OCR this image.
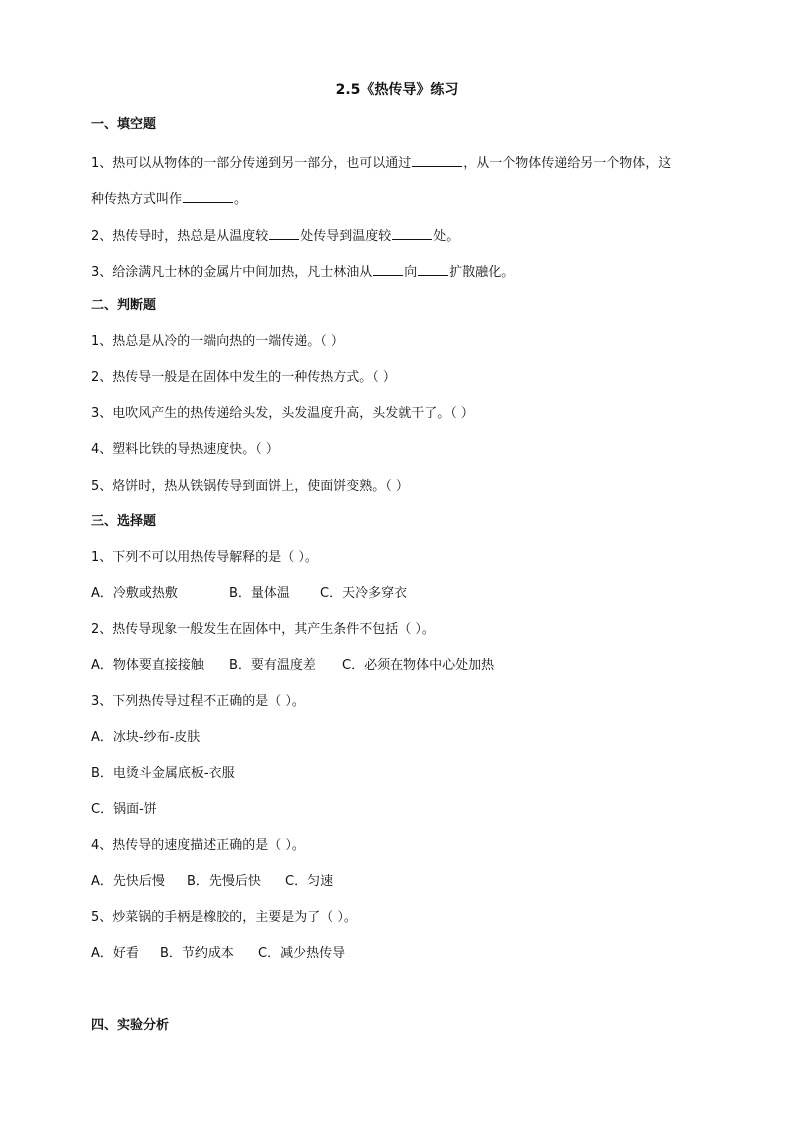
2.5《热传导》练习
一、填空题
1、热可以从物体的一部分传递到另一部分，也可以通过	，从一个物体传递给另一个物体，这
种传热方式叫作	。
2、热传导时，热总是从温度较 处传导到温度较	处。
3、给涂满凡士林的金属片中间加热，凡士林油从 向 扩散融化。
二、判断题
1、热总是从冷的一端向热的一端传递。（ ）
2、热传导一般是在固体中发生的一种传热方式。（ ）
3、电吹风产生的热传递给头发，头发温度升高，头发就干了。（ ）
4、塑料比铁的导热速度快。（ ）
5、烙饼时，热从铁锅传导到面饼上，使面饼变熟。（ ）
三、选择题
1、下列不可以用热传导解释的是（ ）。
A．冷敷或热敷	B．量体温 C．天冷多穿衣
2、热传导现象一般发生在固体中，其产生条件不包括（ ）。
A．物体要直接接触 B．要有温度差 C．必须在物体中心处加热
3、下列热传导过程不正确的是（ ）。
A．冰块-纱布-皮肤
B．电烫斗金属底板-衣服
C．锅面-饼
4、热传导的速度描述正确的是（ ）。
A．先快后慢 B．先慢后快 C．匀速
5、炒菜锅的手柄是橡胶的，主要是为了（ ）。
A．好看 B．节约成本 C．减少热传导
四、实验分析
